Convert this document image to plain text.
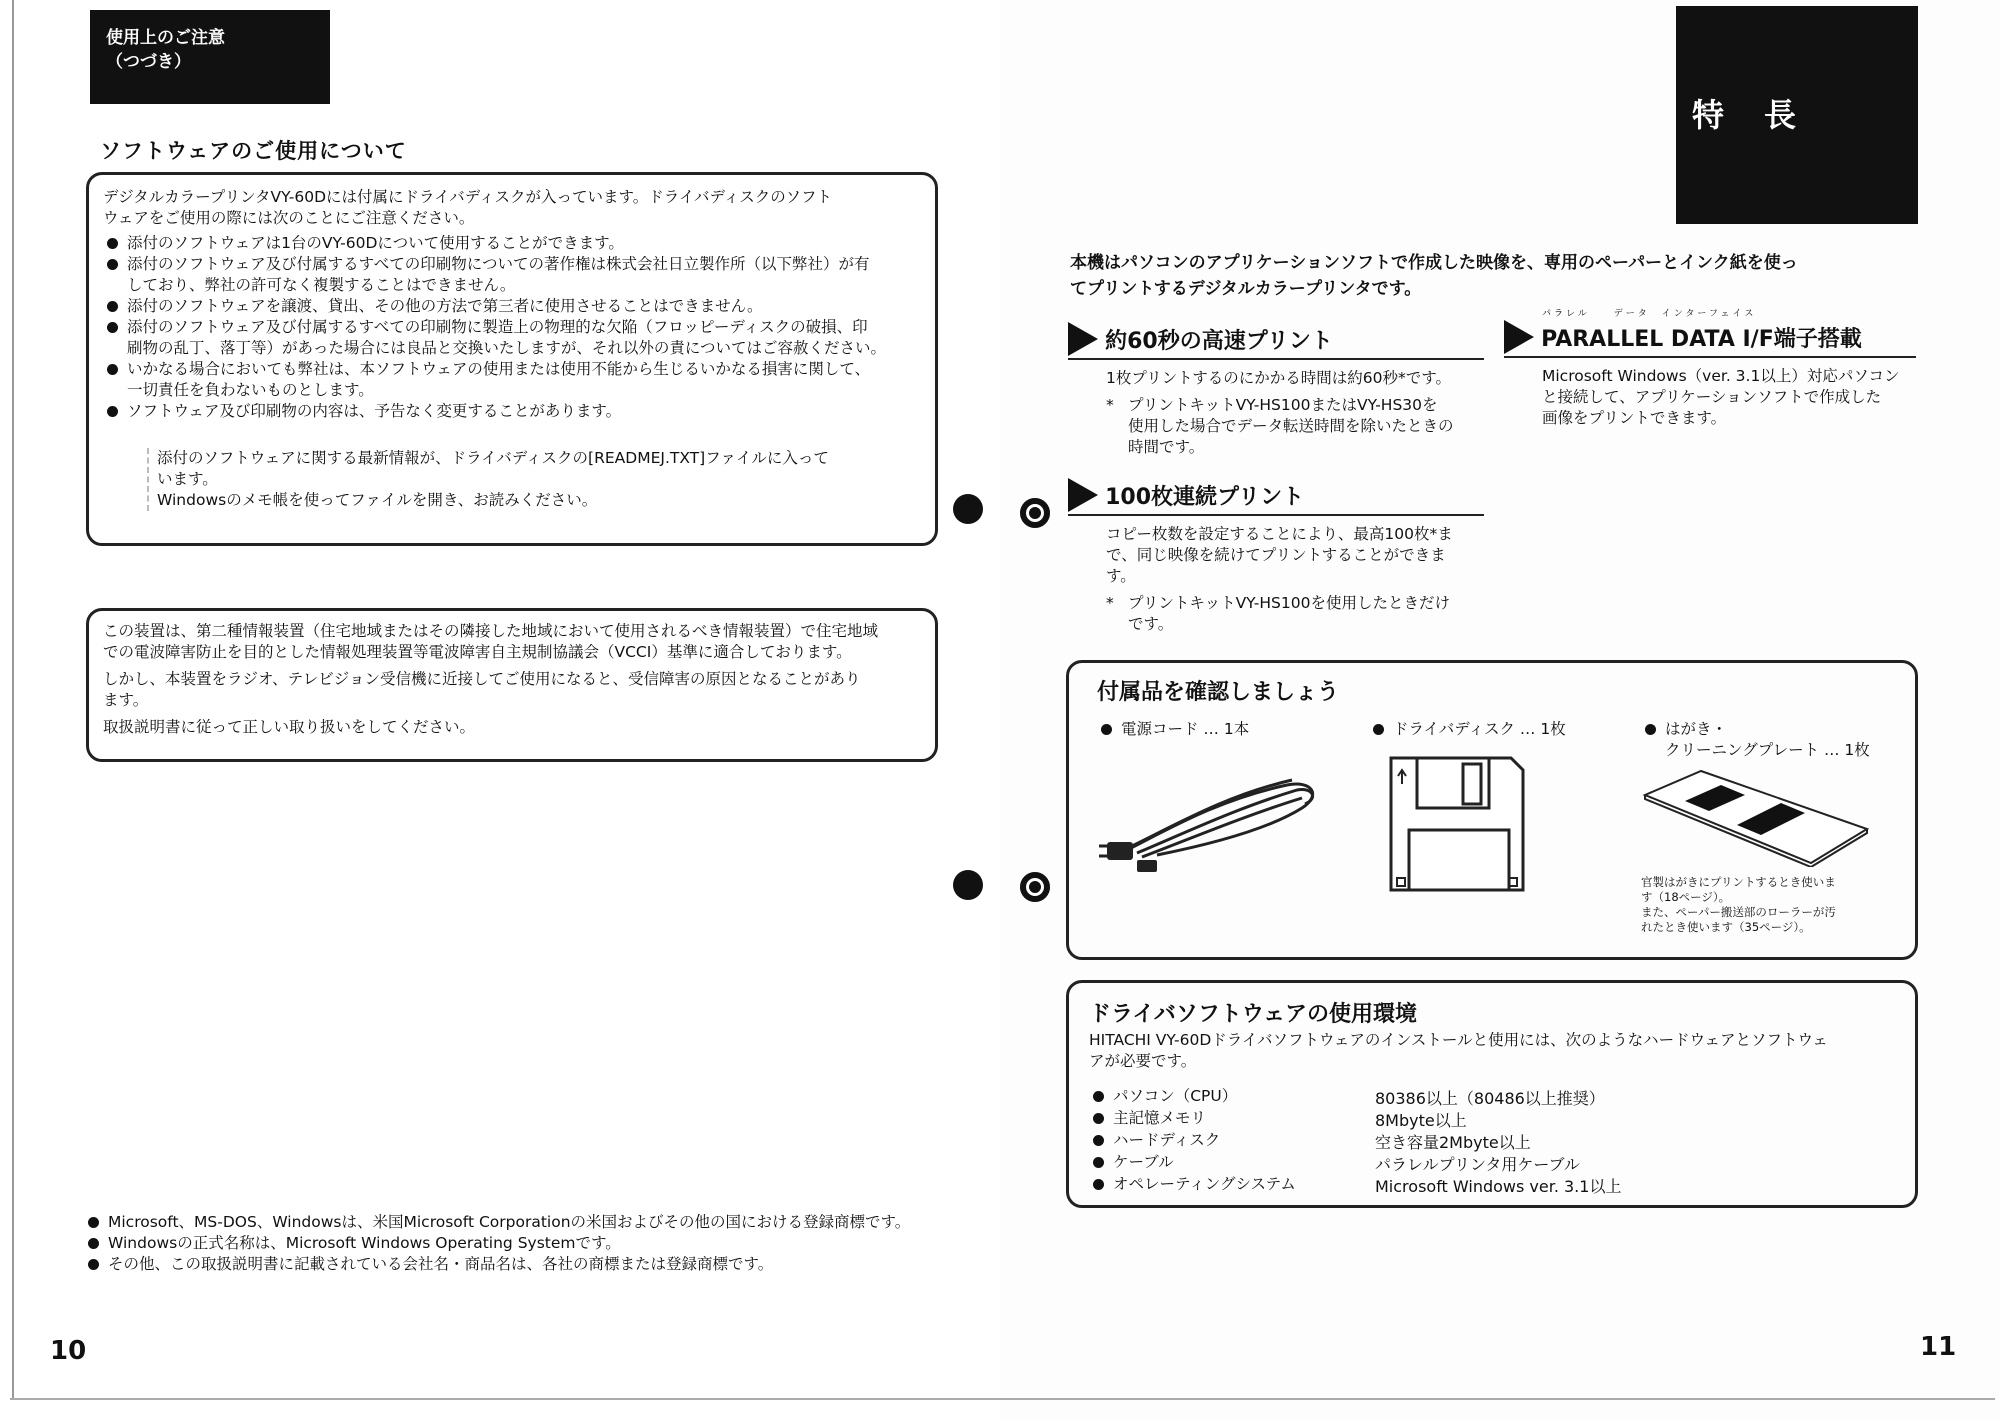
使用上のご注意
（つづき）
ソフトウェアのご使用について
デジタルカラープリンタVY-60Dには付属にドライバディスクが入っています。ドライバディスクのソフト
ウェアをご使用の際には次のことにご注意ください。
添付のソフトウェアは1台のVY-60Dについて使用することができます。
添付のソフトウェア及び付属するすべての印刷物についての著作権は株式会社日立製作所（以下弊社）が有
しており、弊社の許可なく複製することはできません。
添付のソフトウェアを譲渡、貸出、その他の方法で第三者に使用させることはできません。
添付のソフトウェア及び付属するすべての印刷物に製造上の物理的な欠陥（フロッピーディスクの破損、印
刷物の乱丁、落丁等）があった場合には良品と交換いたしますが、それ以外の責についてはご容赦ください。
いかなる場合においても弊社は、本ソフトウェアの使用または使用不能から生じるいかなる損害に関して、
一切責任を負わないものとします。
ソフトウェア及び印刷物の内容は、予告なく変更することがあります。
添付のソフトウェアに関する最新情報が、ドライバディスクの[READMEJ.TXT]ファイルに入って
います。
Windowsのメモ帳を使ってファイルを開き、お読みください。
この装置は、第二種情報装置（住宅地域またはその隣接した地域において使用されるべき情報装置）で住宅地域
での電波障害防止を目的とした情報処理装置等電波障害自主規制協議会（VCCI）基準に適合しております。
しかし、本装置をラジオ、テレビジョン受信機に近接してご使用になると、受信障害の原因となることがあり
ます。
取扱説明書に従って正しい取り扱いをしてください。
Microsoft、MS-DOS、Windowsは、米国Microsoft Corporationの米国およびその他の国における登録商標です。
Windowsの正式名称は、Microsoft Windows Operating Systemです。
その他、この取扱説明書に記載されている会社名・商品名は、各社の商標または登録商標です。
10
特　長
本機はパソコンのアプリケーションソフトで作成した映像を、専用のペーパーとインク紙を使っ
てプリントするデジタルカラープリンタです。
約60秒の高速プリント
1枚プリントするのにかかる時間は約60秒*です。
* プリントキットVY-HS100またはVY-HS30を
使用した場合でデータ転送時間を除いたときの
時間です。
100枚連続プリント
コピー枚数を設定することにより、最高100枚*ま
で、同じ映像を続けてプリントすることができま
す。
* プリントキットVY-HS100を使用したときだけ
です。
パラレル　　データ　インターフェイス
PARALLEL DATA I/F端子搭載
Microsoft Windows（ver. 3.1以上）対応パソコン
と接続して、アプリケーションソフトで作成した
画像をプリントできます。
付属品を確認しましょう
電源コード … 1本	ドライバディスク … 1枚	はがき・
クリーニングプレート … 1枚
官製はがきにプリントするとき使いま
す（18ページ）。
また、ペーパー搬送部のローラーが汚
れたとき使います（35ページ）。
ドライバソフトウェアの使用環境
HITACHI VY-60Dドライバソフトウェアのインストールと使用には、次のようなハードウェアとソフトウェ
アが必要です。
パソコン（CPU）	80386以上（80486以上推奨）
主記憶メモリ	8Mbyte以上
ハードディスク	空き容量2Mbyte以上
ケーブル	パラレルプリンタ用ケーブル
オペレーティングシステム	Microsoft Windows ver. 3.1以上
11
